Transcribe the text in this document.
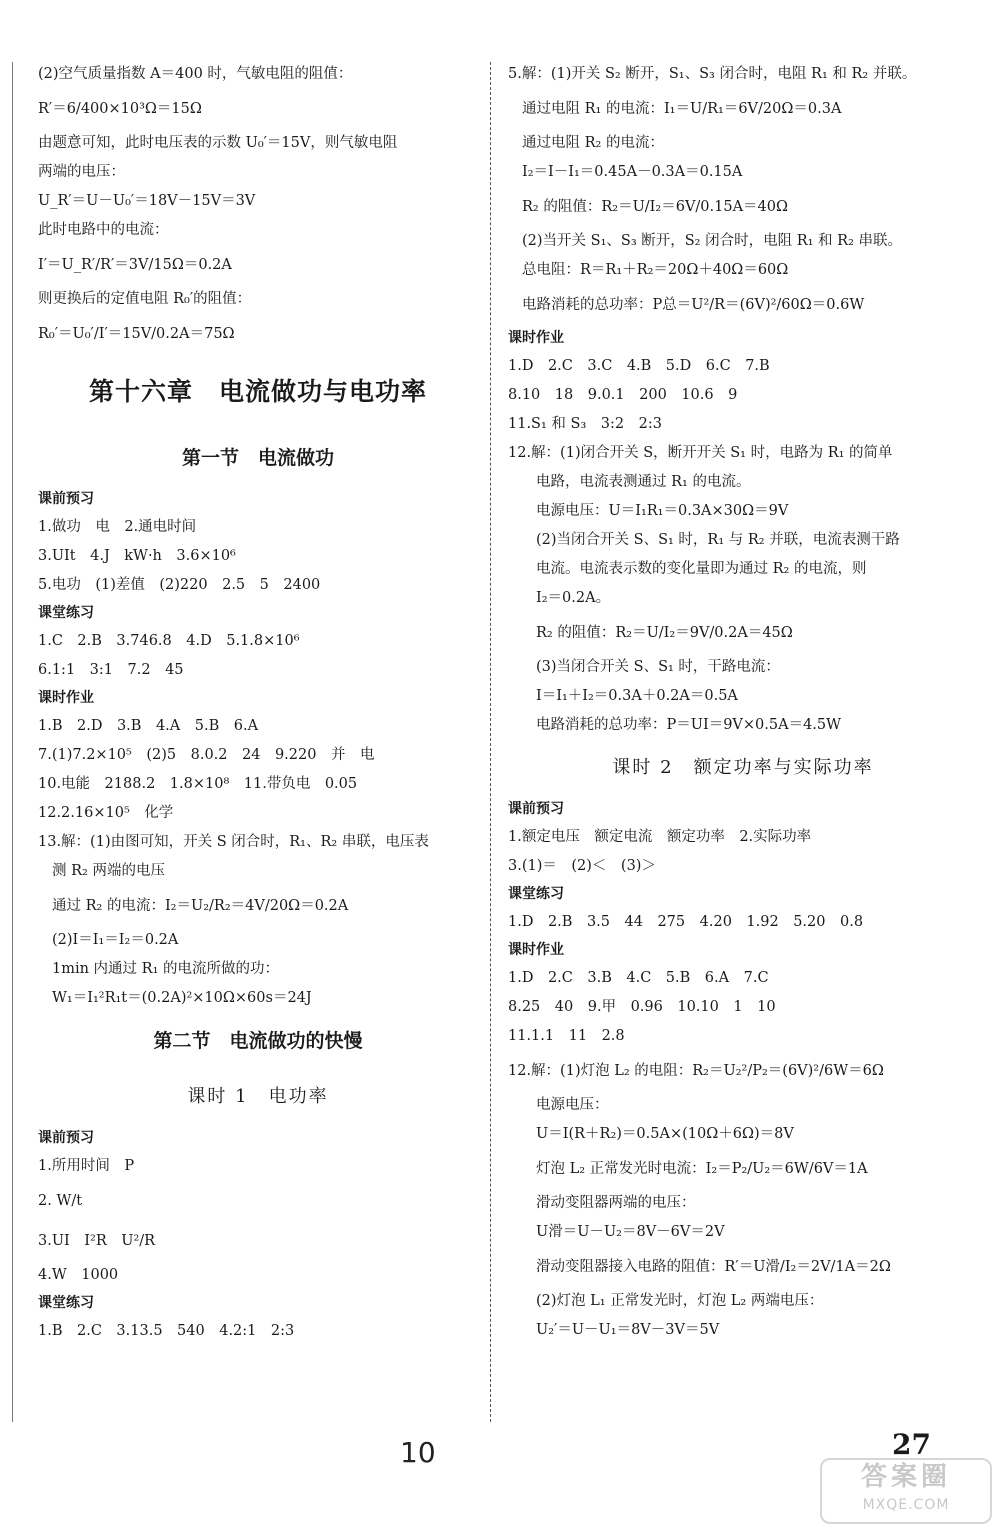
(2)空气质量指数 A＝400 时，气敏电阻的阻值：
R′＝6/400×10³Ω＝15Ω
由题意可知，此时电压表的示数 U₀′＝15V，则气敏电阻
两端的电压：
U_R′＝U－U₀′＝18V－15V＝3V
此时电路中的电流：
I′＝U_R′/R′＝3V/15Ω＝0.2A
则更换后的定值电阻 R₀′的阻值：
R₀′＝U₀′/I′＝15V/0.2A＝75Ω
第十六章　电流做功与电功率
第一节　电流做功
课前预习
1.做功　电　2.通电时间
3.UIt　4.J　kW·h　3.6×10⁶
5.电功　(1)差值　(2)220　2.5　5　2400
课堂练习
1.C　2.B　3.746.8　4.D　5.1.8×10⁶
6.1:1　3:1　7.2　45
课时作业
1.B　2.D　3.B　4.A　5.B　6.A
7.(1)7.2×10⁵　(2)5　8.0.2　24　9.220　并　电
10.电能　2188.2　1.8×10⁸　11.带负电　0.05
12.2.16×10⁵　化学
13.解：(1)由图可知，开关 S 闭合时，R₁、R₂ 串联，电压表
测 R₂ 两端的电压
通过 R₂ 的电流：I₂＝U₂/R₂＝4V/20Ω＝0.2A
(2)I＝I₁＝I₂＝0.2A
1min 内通过 R₁ 的电流所做的功：
W₁＝I₁²R₁t＝(0.2A)²×10Ω×60s＝24J
第二节　电流做功的快慢
课时 1　电功率
课前预习
1.所用时间　P
2. W/t
3.UI　I²R　U²/R
4.W　1000
课堂练习
1.B　2.C　3.13.5　540　4.2:1　2:3
5.解：(1)开关 S₂ 断开，S₁、S₃ 闭合时，电阻 R₁ 和 R₂ 并联。
通过电阻 R₁ 的电流：I₁＝U/R₁＝6V/20Ω＝0.3A
通过电阻 R₂ 的电流：
I₂＝I－I₁＝0.45A－0.3A＝0.15A
R₂ 的阻值：R₂＝U/I₂＝6V/0.15A＝40Ω
(2)当开关 S₁、S₃ 断开，S₂ 闭合时，电阻 R₁ 和 R₂ 串联。
总电阻：R＝R₁＋R₂＝20Ω＋40Ω＝60Ω
电路消耗的总功率：P总＝U²/R＝(6V)²/60Ω＝0.6W
课时作业
1.D　2.C　3.C　4.B　5.D　6.C　7.B
8.10　18　9.0.1　200　10.6　9
11.S₁ 和 S₃　3:2　2:3
12.解：(1)闭合开关 S，断开开关 S₁ 时，电路为 R₁ 的简单
电路，电流表测通过 R₁ 的电流。
电源电压：U＝I₁R₁＝0.3A×30Ω＝9V
(2)当闭合开关 S、S₁ 时，R₁ 与 R₂ 并联，电流表测干路
电流。电流表示数的变化量即为通过 R₂ 的电流，则
I₂＝0.2A。
R₂ 的阻值：R₂＝U/I₂＝9V/0.2A＝45Ω
(3)当闭合开关 S、S₁ 时，干路电流：
I＝I₁＋I₂＝0.3A＋0.2A＝0.5A
电路消耗的总功率：P＝UI＝9V×0.5A＝4.5W
课时 2　额定功率与实际功率
课前预习
1.额定电压　额定电流　额定功率　2.实际功率
3.(1)＝　(2)＜　(3)＞
课堂练习
1.D　2.B　3.5　44　275　4.20　1.92　5.20　0.8
课时作业
1.D　2.C　3.B　4.C　5.B　6.A　7.C
8.25　40　9.甲　0.96　10.10　1　10
11.1.1　11　2.8
12.解：(1)灯泡 L₂ 的电阻：R₂＝U₂²/P₂＝(6V)²/6W＝6Ω
电源电压：
U＝I(R＋R₂)＝0.5A×(10Ω＋6Ω)＝8V
灯泡 L₂ 正常发光时电流：I₂＝P₂/U₂＝6W/6V＝1A
滑动变阻器两端的电压：
U滑＝U－U₂＝8V－6V＝2V
滑动变阻器接入电路的阻值：R′＝U滑/I₂＝2V/1A＝2Ω
(2)灯泡 L₁ 正常发光时，灯泡 L₂ 两端电压：
U₂′＝U－U₁＝8V－3V＝5V
10	27
答案圈
MXQE.COM
